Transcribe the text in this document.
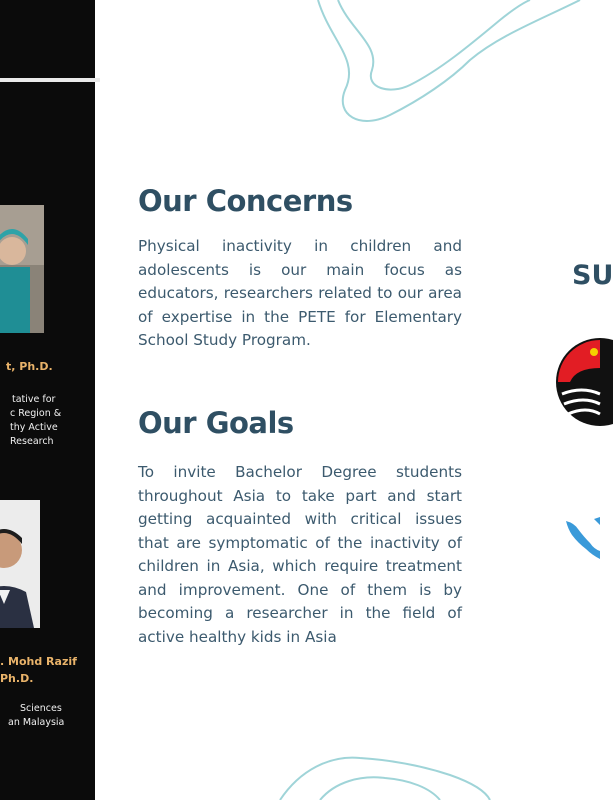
t, Ph.D.
tative for
c Region &
thy Active
Research
. Mohd Razif
Ph.D.
Sciences
an Malaysia
Our Concerns
Physical inactivity in children and adolescents is our main focus as educators, researchers related to our area of expertise in the PETE for Elementary School Study Program.
Our Goals
To invite Bachelor Degree students throughout Asia to take part and start getting acquainted with critical issues that are symptomatic of the inactivity of children in Asia, which require treatment and improvement. One of them is by becoming a researcher in the field of active healthy kids in Asia
SU
